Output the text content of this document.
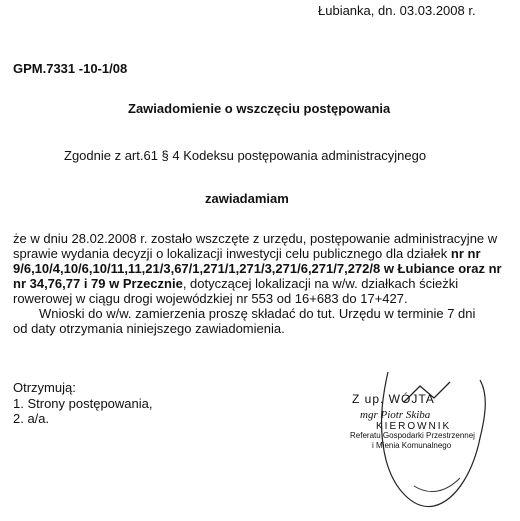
Łubianka, dn. 03.03.2008 r.
GPM.7331 -10-1/08
Zawiadomienie o wszczęciu postępowania
Zgodnie z art.61 § 4 Kodeksu postępowania administracyjnego
zawiadamiam
że w dniu 28.02.2008 r. zostało wszczęte z urzędu, postępowanie administracyjne w
sprawie wydania decyzji o lokalizacji inwestycji celu publicznego dla działek nr nr
9/6,10/4,10/6,10/11,11,21/3,67/1,271/1,271/3,271/6,271/7,272/8 w Łubiance oraz nr
nr 34,76,77 i 79 w Przecznie, dotyczącej lokalizacji na w/w. działkach ścieżki
rowerowej w ciągu drogi wojewódzkiej nr 553 od 16+683 do 17+427.
Wnioski do w/w. zamierzenia proszę składać do tut. Urzędu w terminie 7 dni
od daty otrzymania niniejszego zawiadomienia.
Otrzymują:
1. Strony postępowania,
2. a/a.
Z up. WÓJTA
mgr Piotr Skiba
KIEROWNIK
Referatu Gospodarki Przestrzennej
i Mienia Komunalnego
